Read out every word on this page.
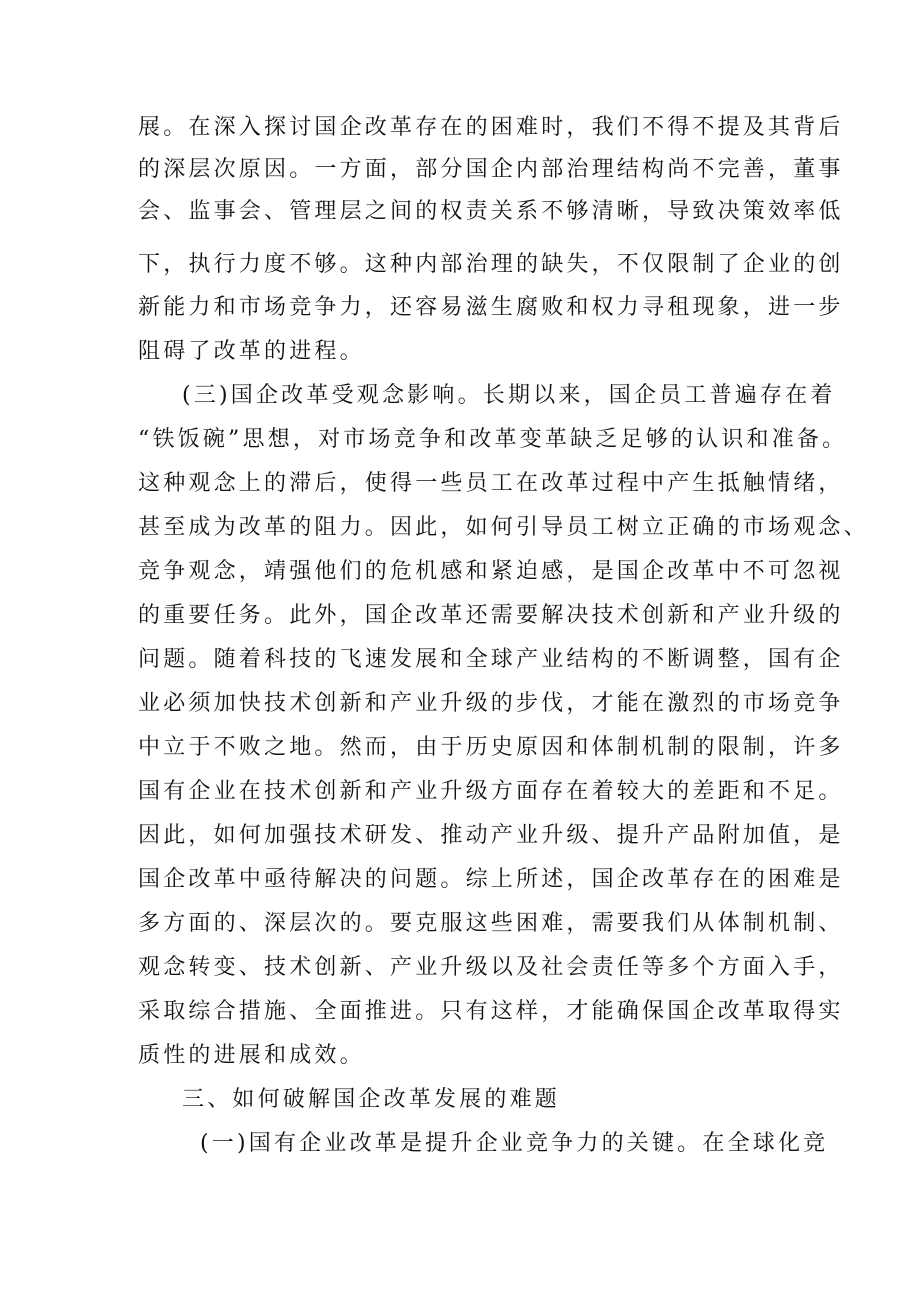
展。在深入探讨国企改革存在的困难时，我们不得不提及其背后
的深层次原因。一方面，部分国企内部治理结构尚不完善，董事
会、监事会、管理层之间的权责关系不够清晰，导致决策效率低
下，执行力度不够。这种内部治理的缺失，不仅限制了企业的创
新能力和市场竞争力，还容易滋生腐败和权力寻租现象，进一步
阻碍了改革的进程。
(三)国企改革受观念影响。长期以来，国企员工普遍存在着
“铁饭碗”思想，对市场竞争和改革变革缺乏足够的认识和准备。
这种观念上的滞后，使得一些员工在改革过程中产生抵触情绪，
甚至成为改革的阻力。因此，如何引导员工树立正确的市场观念、
竞争观念，靖强他们的危机感和紧迫感，是国企改革中不可忽视
的重要任务。此外，国企改革还需要解决技术创新和产业升级的
问题。随着科技的飞速发展和全球产业结构的不断调整，国有企
业必须加快技术创新和产业升级的步伐，才能在激烈的市场竞争
中立于不败之地。然而，由于历史原因和体制机制的限制，许多
国有企业在技术创新和产业升级方面存在着较大的差距和不足。
因此，如何加强技术研发、推动产业升级、提升产品附加值，是
国企改革中亟待解决的问题。综上所述，国企改革存在的困难是
多方面的、深层次的。要克服这些困难，需要我们从体制机制、
观念转变、技术创新、产业升级以及社会责任等多个方面入手，
采取综合措施、全面推进。只有这样，才能确保国企改革取得实
质性的进展和成效。
三、如何破解国企改革发展的难题
(一)国有企业改革是提升企业竞争力的关键。在全球化竞
